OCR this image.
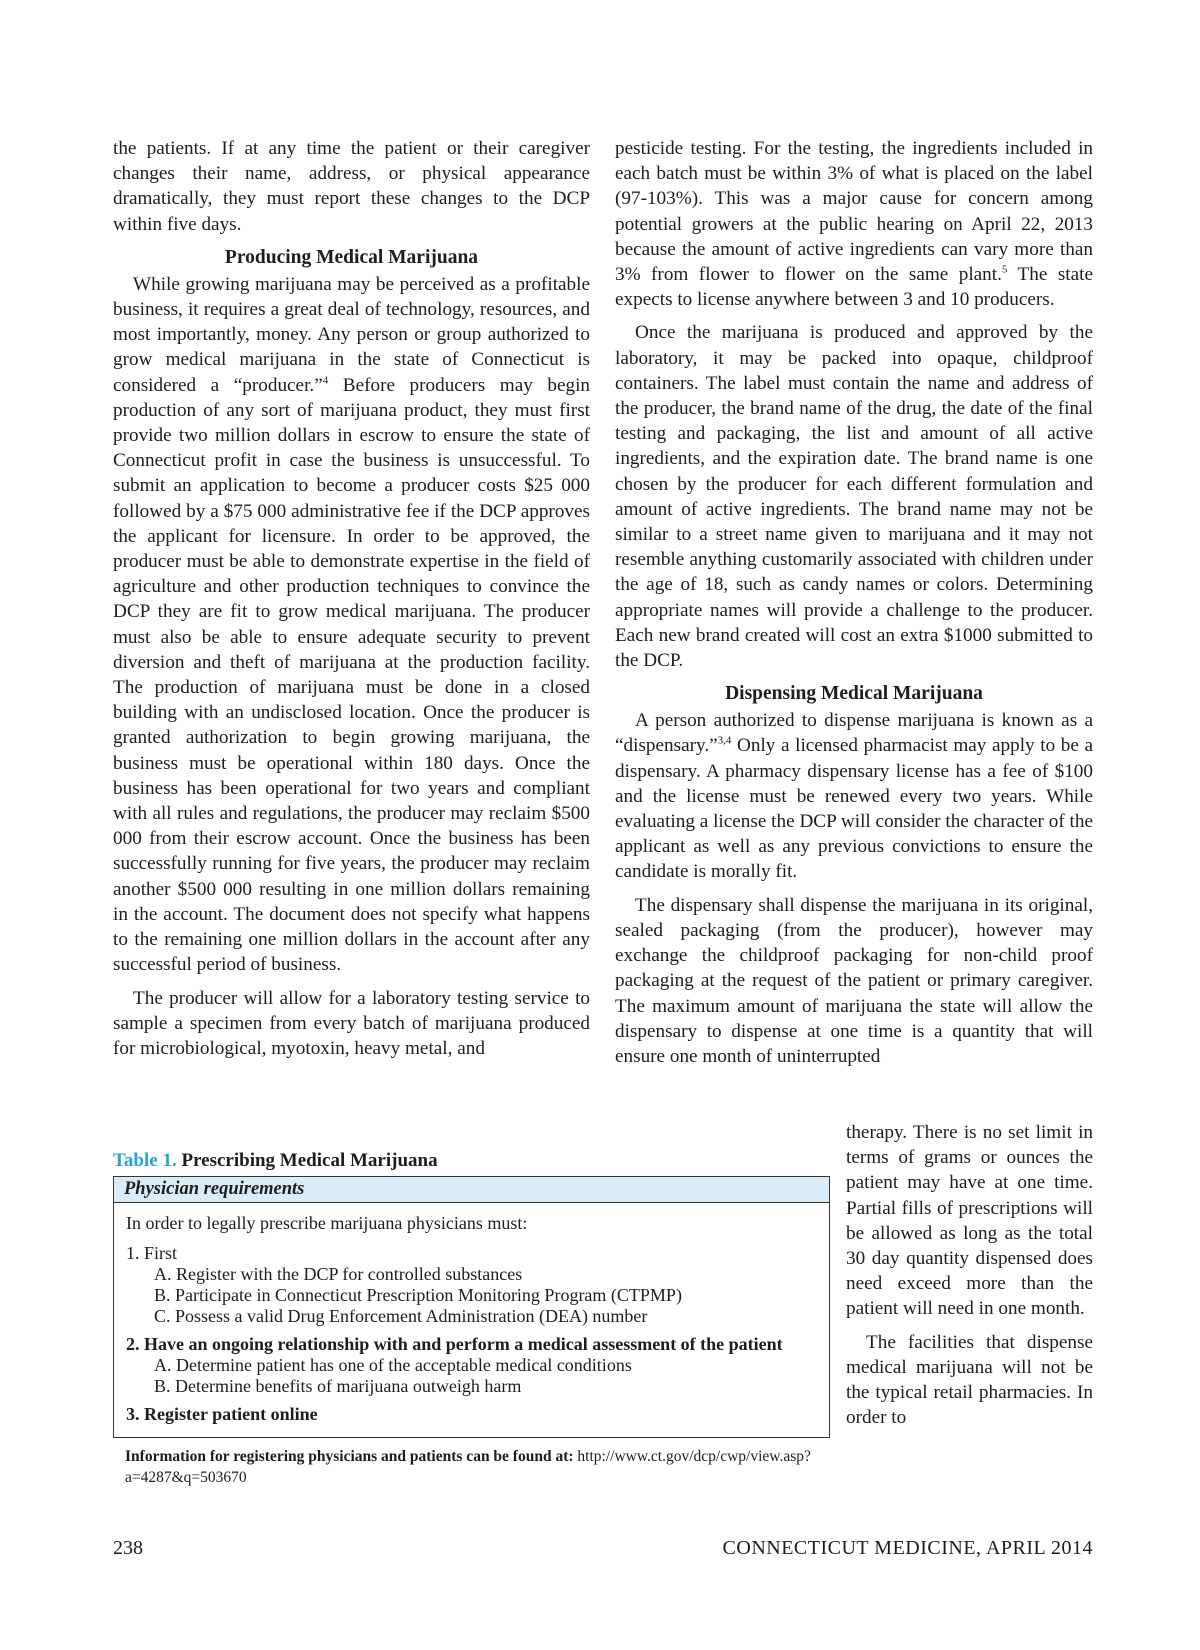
the patients. If at any time the patient or their caregiver changes their name, address, or physical appearance dramatically, they must report these changes to the DCP within five days.

Producing Medical Marijuana

While growing marijuana may be perceived as a profitable business, it requires a great deal of technology, resources, and most importantly, money. Any person or group authorized to grow medical marijuana in the state of Connecticut is considered a “producer.”$^4$ Before producers may begin production of any sort of marijuana product, they must first provide two million dollars in escrow to ensure the state of Connecticut profit in case the business is unsuccessful. To submit an application to become a producer costs $25 000 followed by a $75 000 administrative fee if the DCP approves the applicant for licensure. In order to be approved, the producer must be able to demonstrate expertise in the field of agriculture and other production techniques to convince the DCP they are fit to grow medical marijuana. The producer must also be able to ensure adequate security to prevent diversion and theft of marijuana at the production facility. The production of marijuana must be done in a closed building with an undisclosed location. Once the producer is granted authorization to begin growing marijuana, the business must be operational within 180 days. Once the business has been operational for two years and compliant with all rules and regulations, the producer may reclaim $500 000 from their escrow account. Once the business has been successfully running for five years, the producer may reclaim another $500 000 resulting in one million dollars remaining in the account. The document does not specify what happens to the remaining one million dollars in the account after any successful period of business.

The producer will allow for a laboratory testing service to sample a specimen from every batch of marijuana produced for microbiological, myotoxin, heavy metal, and

pesticide testing. For the testing, the ingredients included in each batch must be within 3% of what is placed on the label (97-103%). This was a major cause for concern among potential growers at the public hearing on April 22, 2013 because the amount of active ingredients can vary more than 3% from flower to flower on the same plant.$^5$ The state expects to license anywhere between 3 and 10 producers.

Once the marijuana is produced and approved by the laboratory, it may be packed into opaque, childproof containers. The label must contain the name and address of the producer, the brand name of the drug, the date of the final testing and packaging, the list and amount of all active ingredients, and the expiration date. The brand name is one chosen by the producer for each different formulation and amount of active ingredients. The brand name may not be similar to a street name given to marijuana and it may not resemble anything customarily associated with children under the age of 18, such as candy names or colors. Determining appropriate names will provide a challenge to the producer. Each new brand created will cost an extra $1000 submitted to the DCP.

Dispensing Medical Marijuana

A person authorized to dispense marijuana is known as a “dispensary.”$^{3,4}$ Only a licensed pharmacist may apply to be a dispensary. A pharmacy dispensary license has a fee of $100 and the license must be renewed every two years. While evaluating a license the DCP will consider the character of the applicant as well as any previous convictions to ensure the candidate is morally fit.

The dispensary shall dispense the marijuana in its original, sealed packaging (from the producer), however may exchange the childproof packaging for non-child proof packaging at the request of the patient or primary caregiver. The maximum amount of marijuana the state will allow the dispensary to dispense at one time is a quantity that will ensure one month of uninterrupted

therapy. There is no set limit in terms of grams or ounces the patient may have at one time. Partial fills of prescriptions will be allowed as long as the total 30 day quantity dispensed does need exceed more than the patient will need in one month.

The facilities that dispense medical marijuana will not be the typical retail pharmacies. In order to

Table 1. Prescribing Medical Marijuana
Physician requirements
In order to legally prescribe marijuana physicians must:
1. First
A. Register with the DCP for controlled substances
B. Participate in Connecticut Prescription Monitoring Program (CTPMP)
C. Possess a valid Drug Enforcement Administration (DEA) number
2. Have an ongoing relationship with and perform a medical assessment of the patient
A. Determine patient has one of the acceptable medical conditions
B. Determine benefits of marijuana outweigh harm
3. Register patient online
Information for registering physicians and patients can be found at: http://www.ct.gov/dcp/cwp/view.asp?a=4287&q=503670
238	CONNECTICUT MEDICINE, APRIL 2014
